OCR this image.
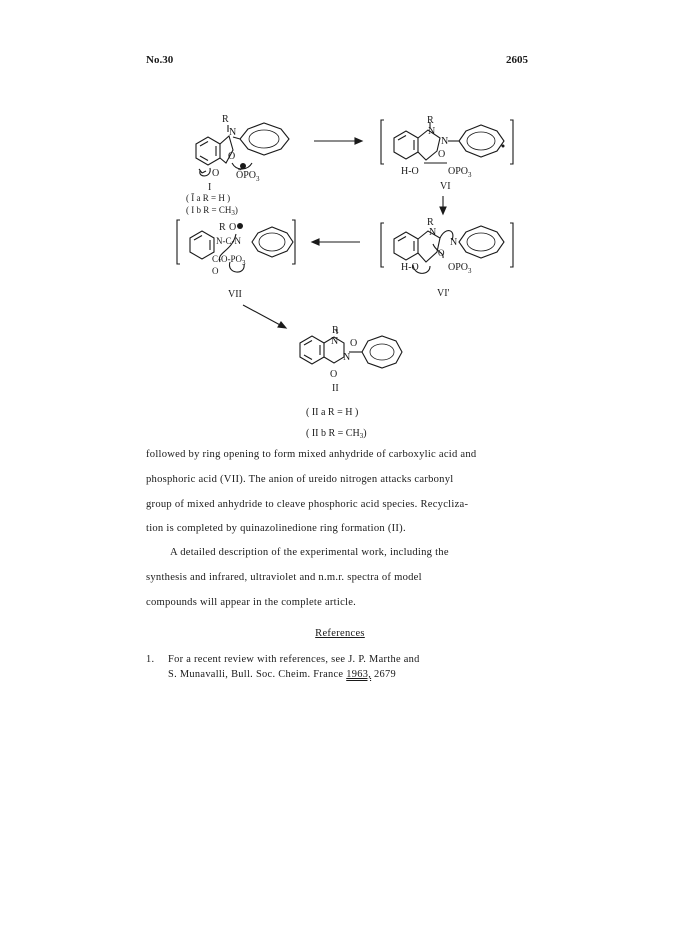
No.30	2605
R
N
O
O $ŌPO_3$
I
( Ī a R = H )
( I b $R = CH_3$)
R
N
N
O
H-O	$OPO_3$
VI
R
N
N
O
H-O	$OPO_3$
VI'
R O
N-C-N
$C-O-PO_3$
O
VII
R
N O
N
O
II
( II a R = H )
( II b $R = CH_3$)
followed by ring opening to form mixed anhydride of carboxylic acid and
phosphoric acid (VII). The anion of ureido nitrogen attacks carbonyl
group of mixed anhydride to cleave phosphoric acid species. Recycliza-
tion is completed by quinazolinedione ring formation (II).
A detailed description of the experimental work, including the
synthesis and infrared, ultraviolet and n.m.r. spectra of model
compounds will appear in the complete article.
References
1. For a recent review with references, see J. P. Marthe and
S. Munavalli, Bull. Soc. Cheim. France 1963, 2679
